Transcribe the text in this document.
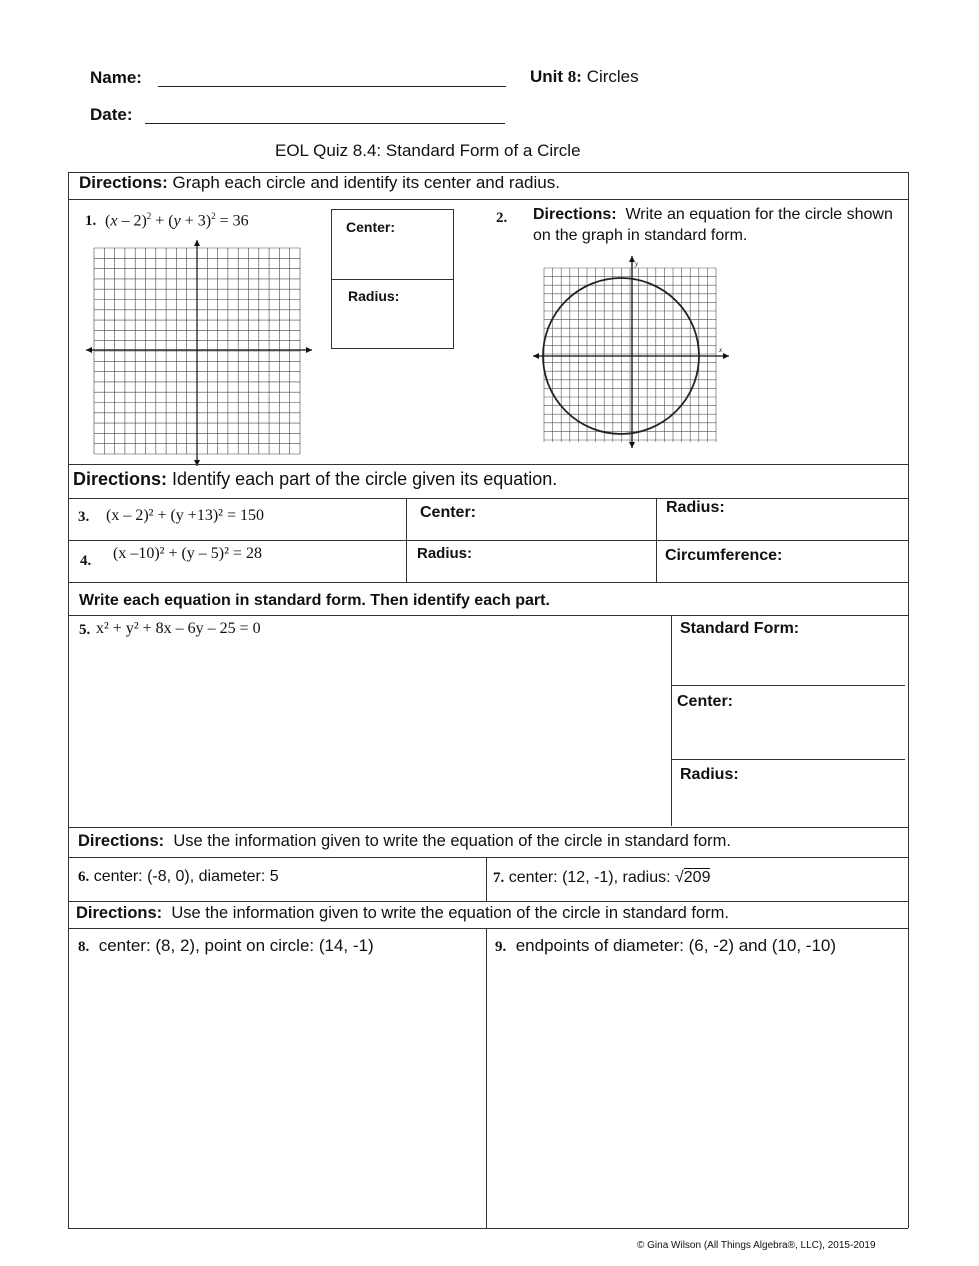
Name:	Unit 8: Circles
Date:
EOL Quiz 8.4: Standard Form of a Circle
Directions: Graph each circle and identify its center and radius.
1. $(x - 2)^2 + (y + 3)^2 = 36$	Center:
Radius:
2. Directions: Write an equation for the circle shown on the graph in standard form.
y
x
Directions: Identify each part of the circle given its equation.
3. (x – 2)² + (y +13)² = 150	Center:	Radius:
4. (x –10)² + (y – 5)² = 28	Radius:	Circumference:
Write each equation in standard form. Then identify each part.
5. x² + y² + 8x – 6y – 25 = 0	Standard Form:
Center:
Radius:
Directions: Use the information given to write the equation of the circle in standard form.
6. center: (-8, 0), diameter: 5	7. center: (12, -1), radius: √209
Directions: Use the information given to write the equation of the circle in standard form.
8. center: (8, 2), point on circle: (14, -1)	9. endpoints of diameter: (6, -2) and (10, -10)
© Gina Wilson (All Things Algebra®, LLC), 2015-2019
